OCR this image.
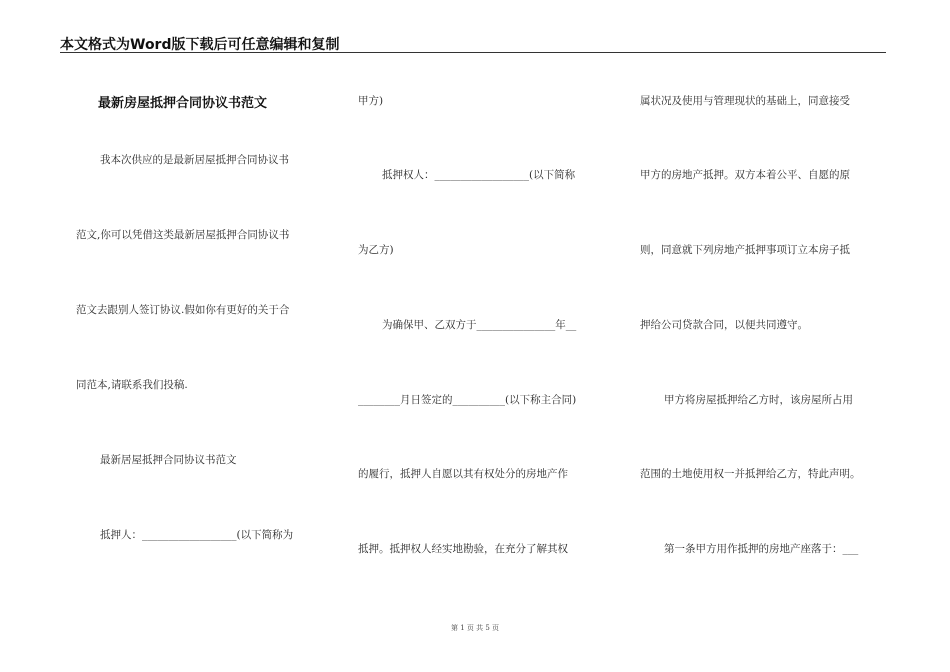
本文格式为Word版下载后可任意编辑和复制
最新房屋抵押合同协议书范文
我本次供应的是最新居屋抵押合同协议书
范文,你可以凭借这类最新居屋抵押合同协议书
范文去跟别人签订协议.假如你有更好的关于合
同范本,请联系我们投稿.
最新居屋抵押合同协议书范文
抵押人：__________________(以下简称为
甲方)
抵押权人：__________________(以下简称
为乙方)
为确保甲、乙双方于_______________年__
________月日签定的__________(以下称主合同)
的履行，抵押人自愿以其有权处分的房地产作
抵押。抵押权人经实地勘验，在充分了解其权
属状况及使用与管理现状的基础上，同意接受
甲方的房地产抵押。双方本着公平、自愿的原
则，同意就下列房地产抵押事项订立本房子抵
押给公司贷款合同，以便共同遵守。
甲方将房屋抵押给乙方时，该房屋所占用
范围的土地使用权一并抵押给乙方，特此声明。
第一条甲方用作抵押的房地产座落于：___
第 1 页 共 5 页
